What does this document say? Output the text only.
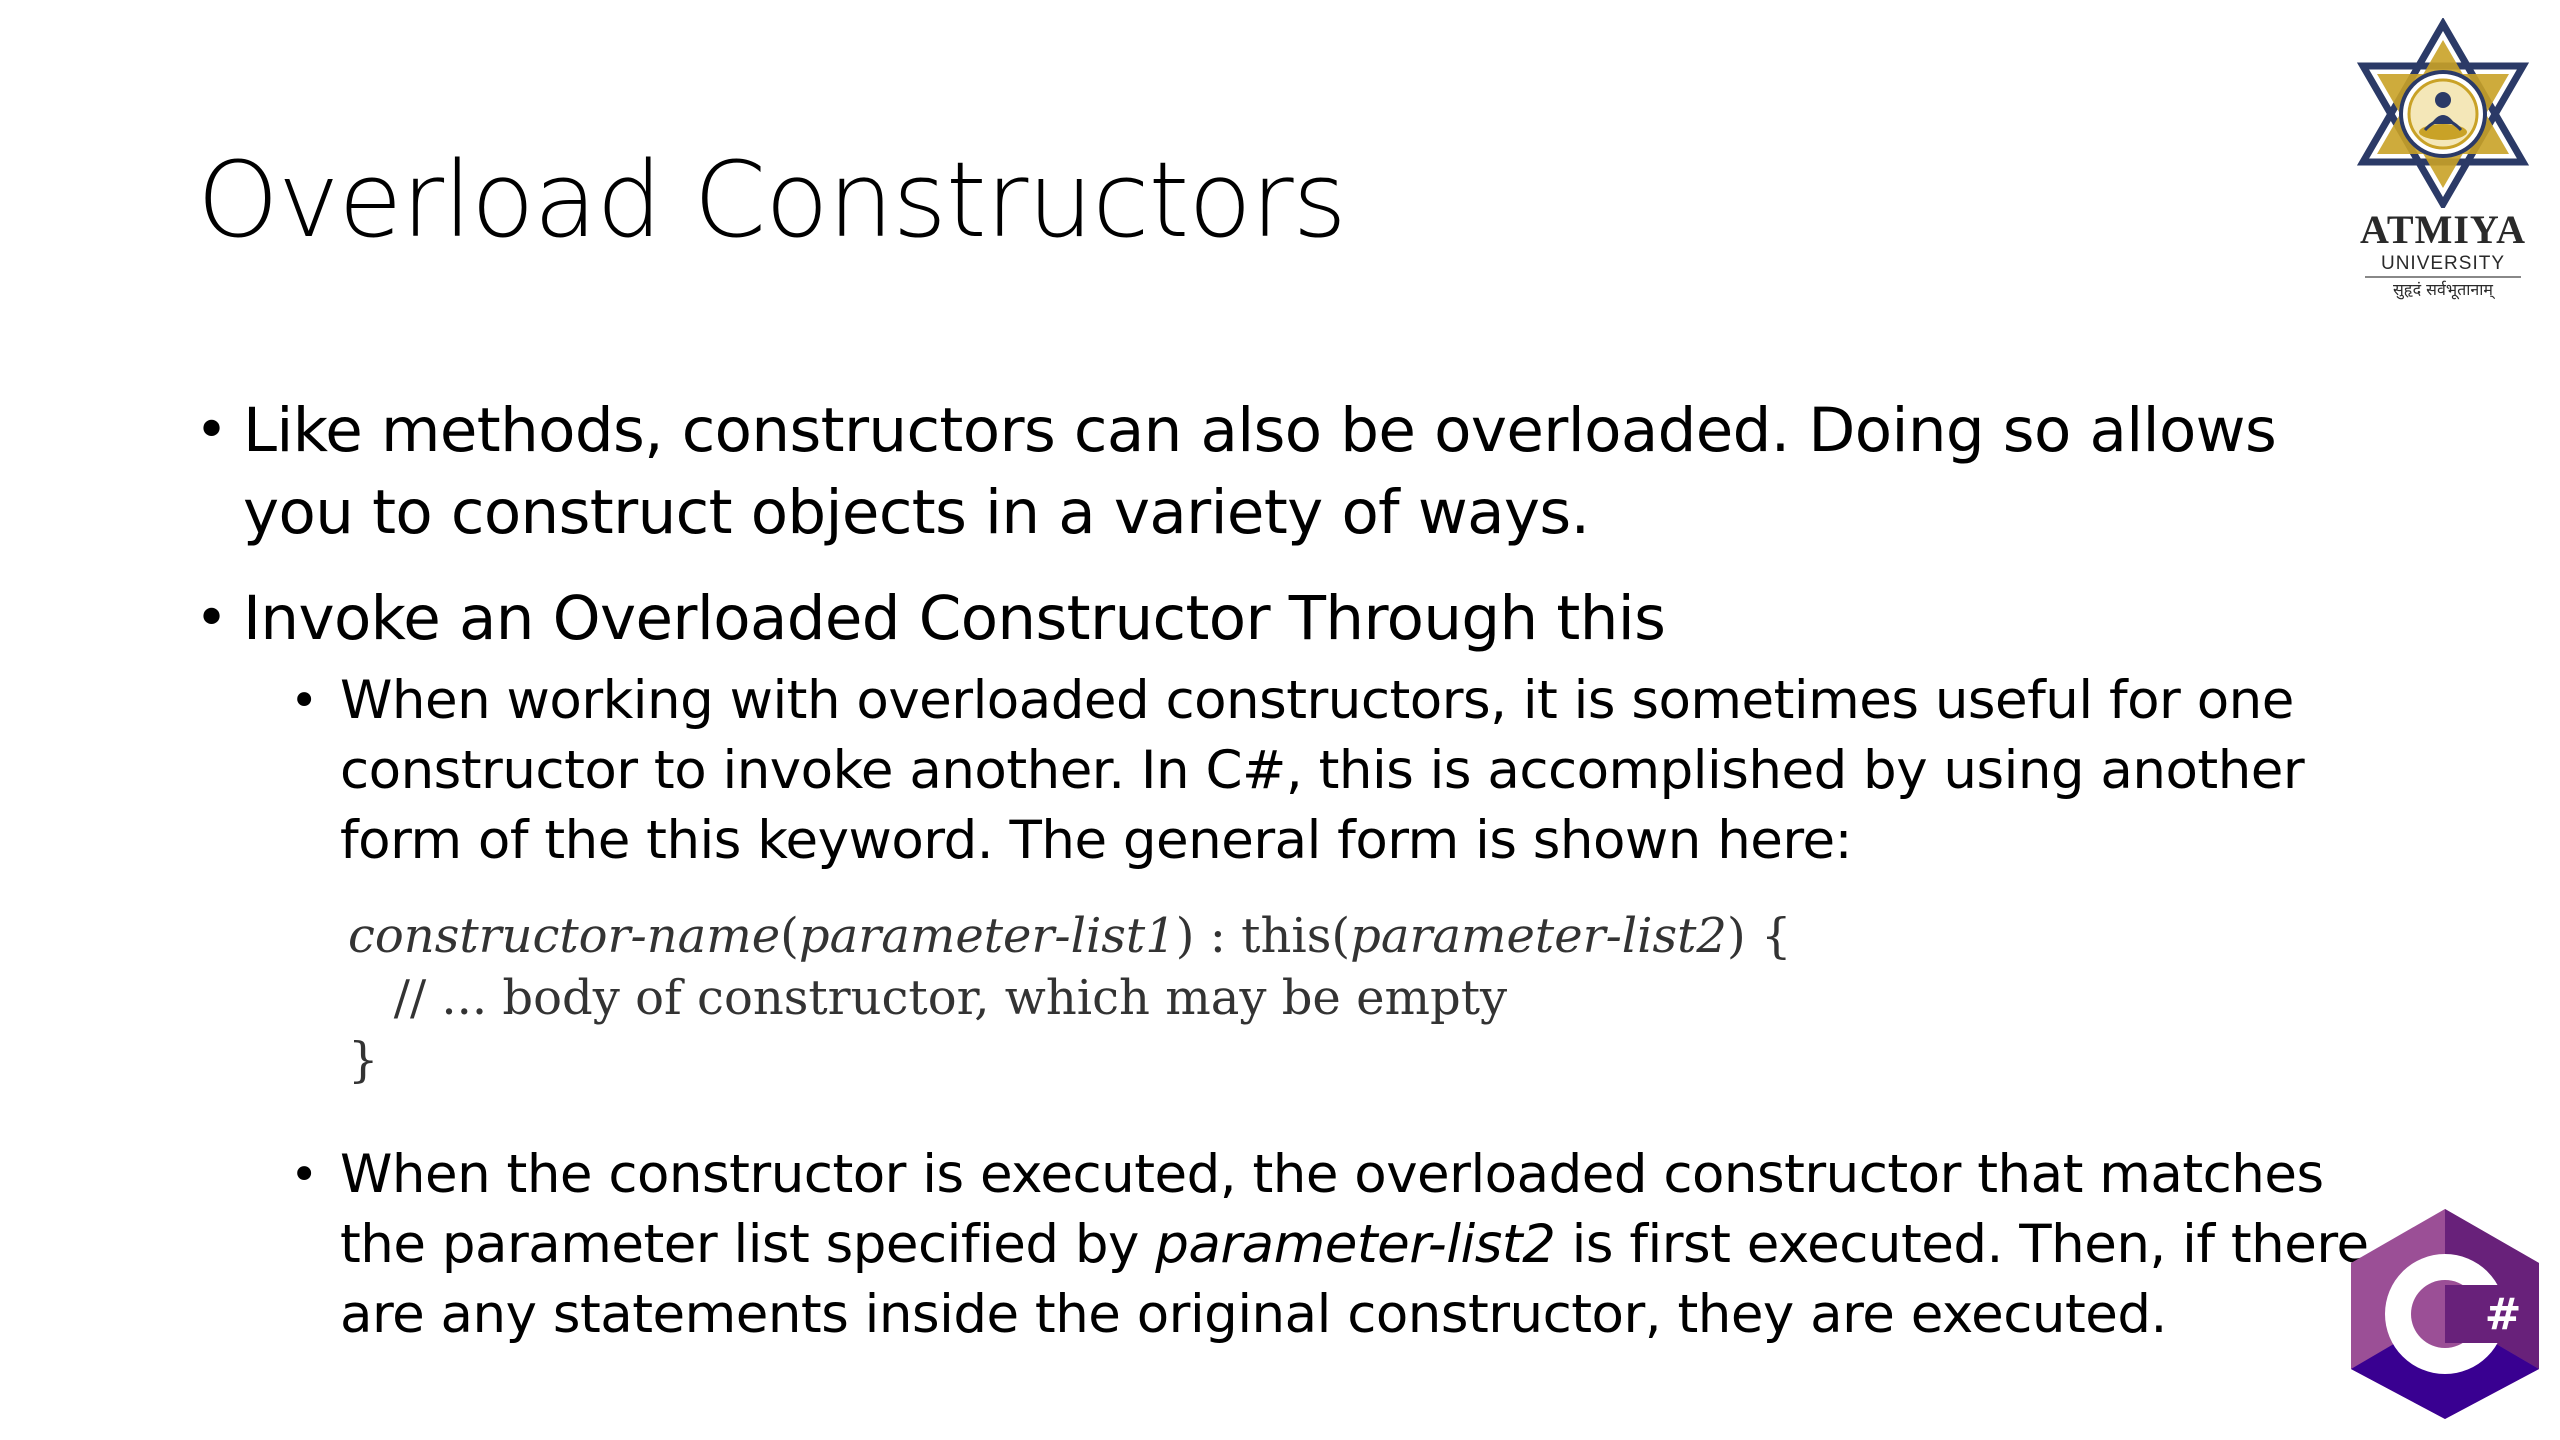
Overload Constructors	ATMIYA
UNIVERSITY
सुहृदं सर्वभूतानाम्
• Like methods, constructors can also be overloaded. Doing so allows you to construct objects in a variety of ways.
• Invoke an Overloaded Constructor Through this
• When working with overloaded constructors, it is sometimes useful for one constructor to invoke another. In C#, this is accomplished by using another form of the this keyword. The general form is shown here:
constructor-name(parameter-list1) : this(parameter-list2) {
// ... body of constructor, which may be empty
}
• When the constructor is executed, the overloaded constructor that matches the parameter list specified by parameter-list2 is first executed. Then, if there are any statements inside the original constructor, they are executed.	#
